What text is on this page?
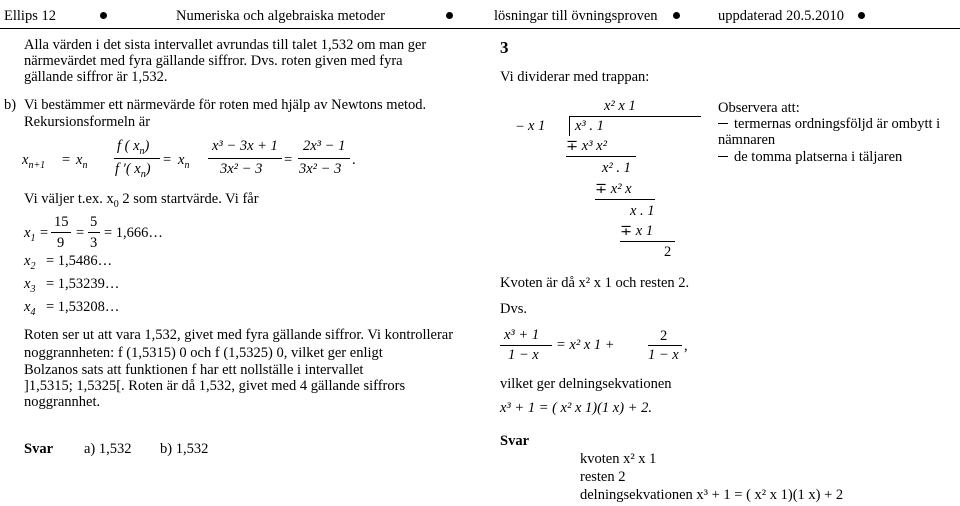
Ellips 12	Numeriska och algebraiska metoder	lösningar till övningsproven	uppdaterad 20.5.2010
Alla värden i det sista intervallet avrundas till talet 1,532 om man ger
närmevärdet med fyra gällande siffror. Dvs. roten given med fyra
gällande siffror är 1,532.
b) Vi bestämmer ett närmevärde för roten med hjälp av Newtons metod.
Rekursionsformeln är
$x_{n+1} = x_n$
f ( $x_n$)
f ′( $x_n$)
= $x_n$
x³ − 3x + 1
3x² − 3
=
2x³ − 1
3x² − 3
.
Vi väljer t.ex. $x_0$ 2 som startvärde. Vi får
$x_1$ =
15
9
=
5
3
= 1,666…
$x_2$ = 1,5486…
$x_3$ = 1,53239…
$x_4$ = 1,53208…
Roten ser ut att vara 1,532, givet med fyra gällande siffror. Vi kontrollerar
noggrannheten: f (1,5315) 0 och f (1,5325) 0, vilket ger enligt
Bolzanos sats att funktionen f har ett nollställe i intervallet
]1,5315; 1,5325[. Roten är då 1,532, givet med 4 gällande siffrors
noggrannhet.
Svar a) 1,532 b) 1,532
3
Vi dividerar med trappan:
x² x 1
− x 1 x³ . 1
∓ x³ x²
x² . 1
∓ x² x
x . 1
∓ x 1
2
Observera att:
termernas ordningsföljd är ombytt i
nämnaren
de tomma platserna i täljaren
Kvoten är då x² x 1 och resten 2.
Dvs.
x³ + 1
1 − x
= x² x 1 +
2
1 − x
,
vilket ger delningsekvationen
x³ + 1 = ( x² x 1)(1 x) + 2.
Svar
kvoten x² x 1
resten 2
delningsekvationen x³ + 1 = ( x² x 1)(1 x) + 2
